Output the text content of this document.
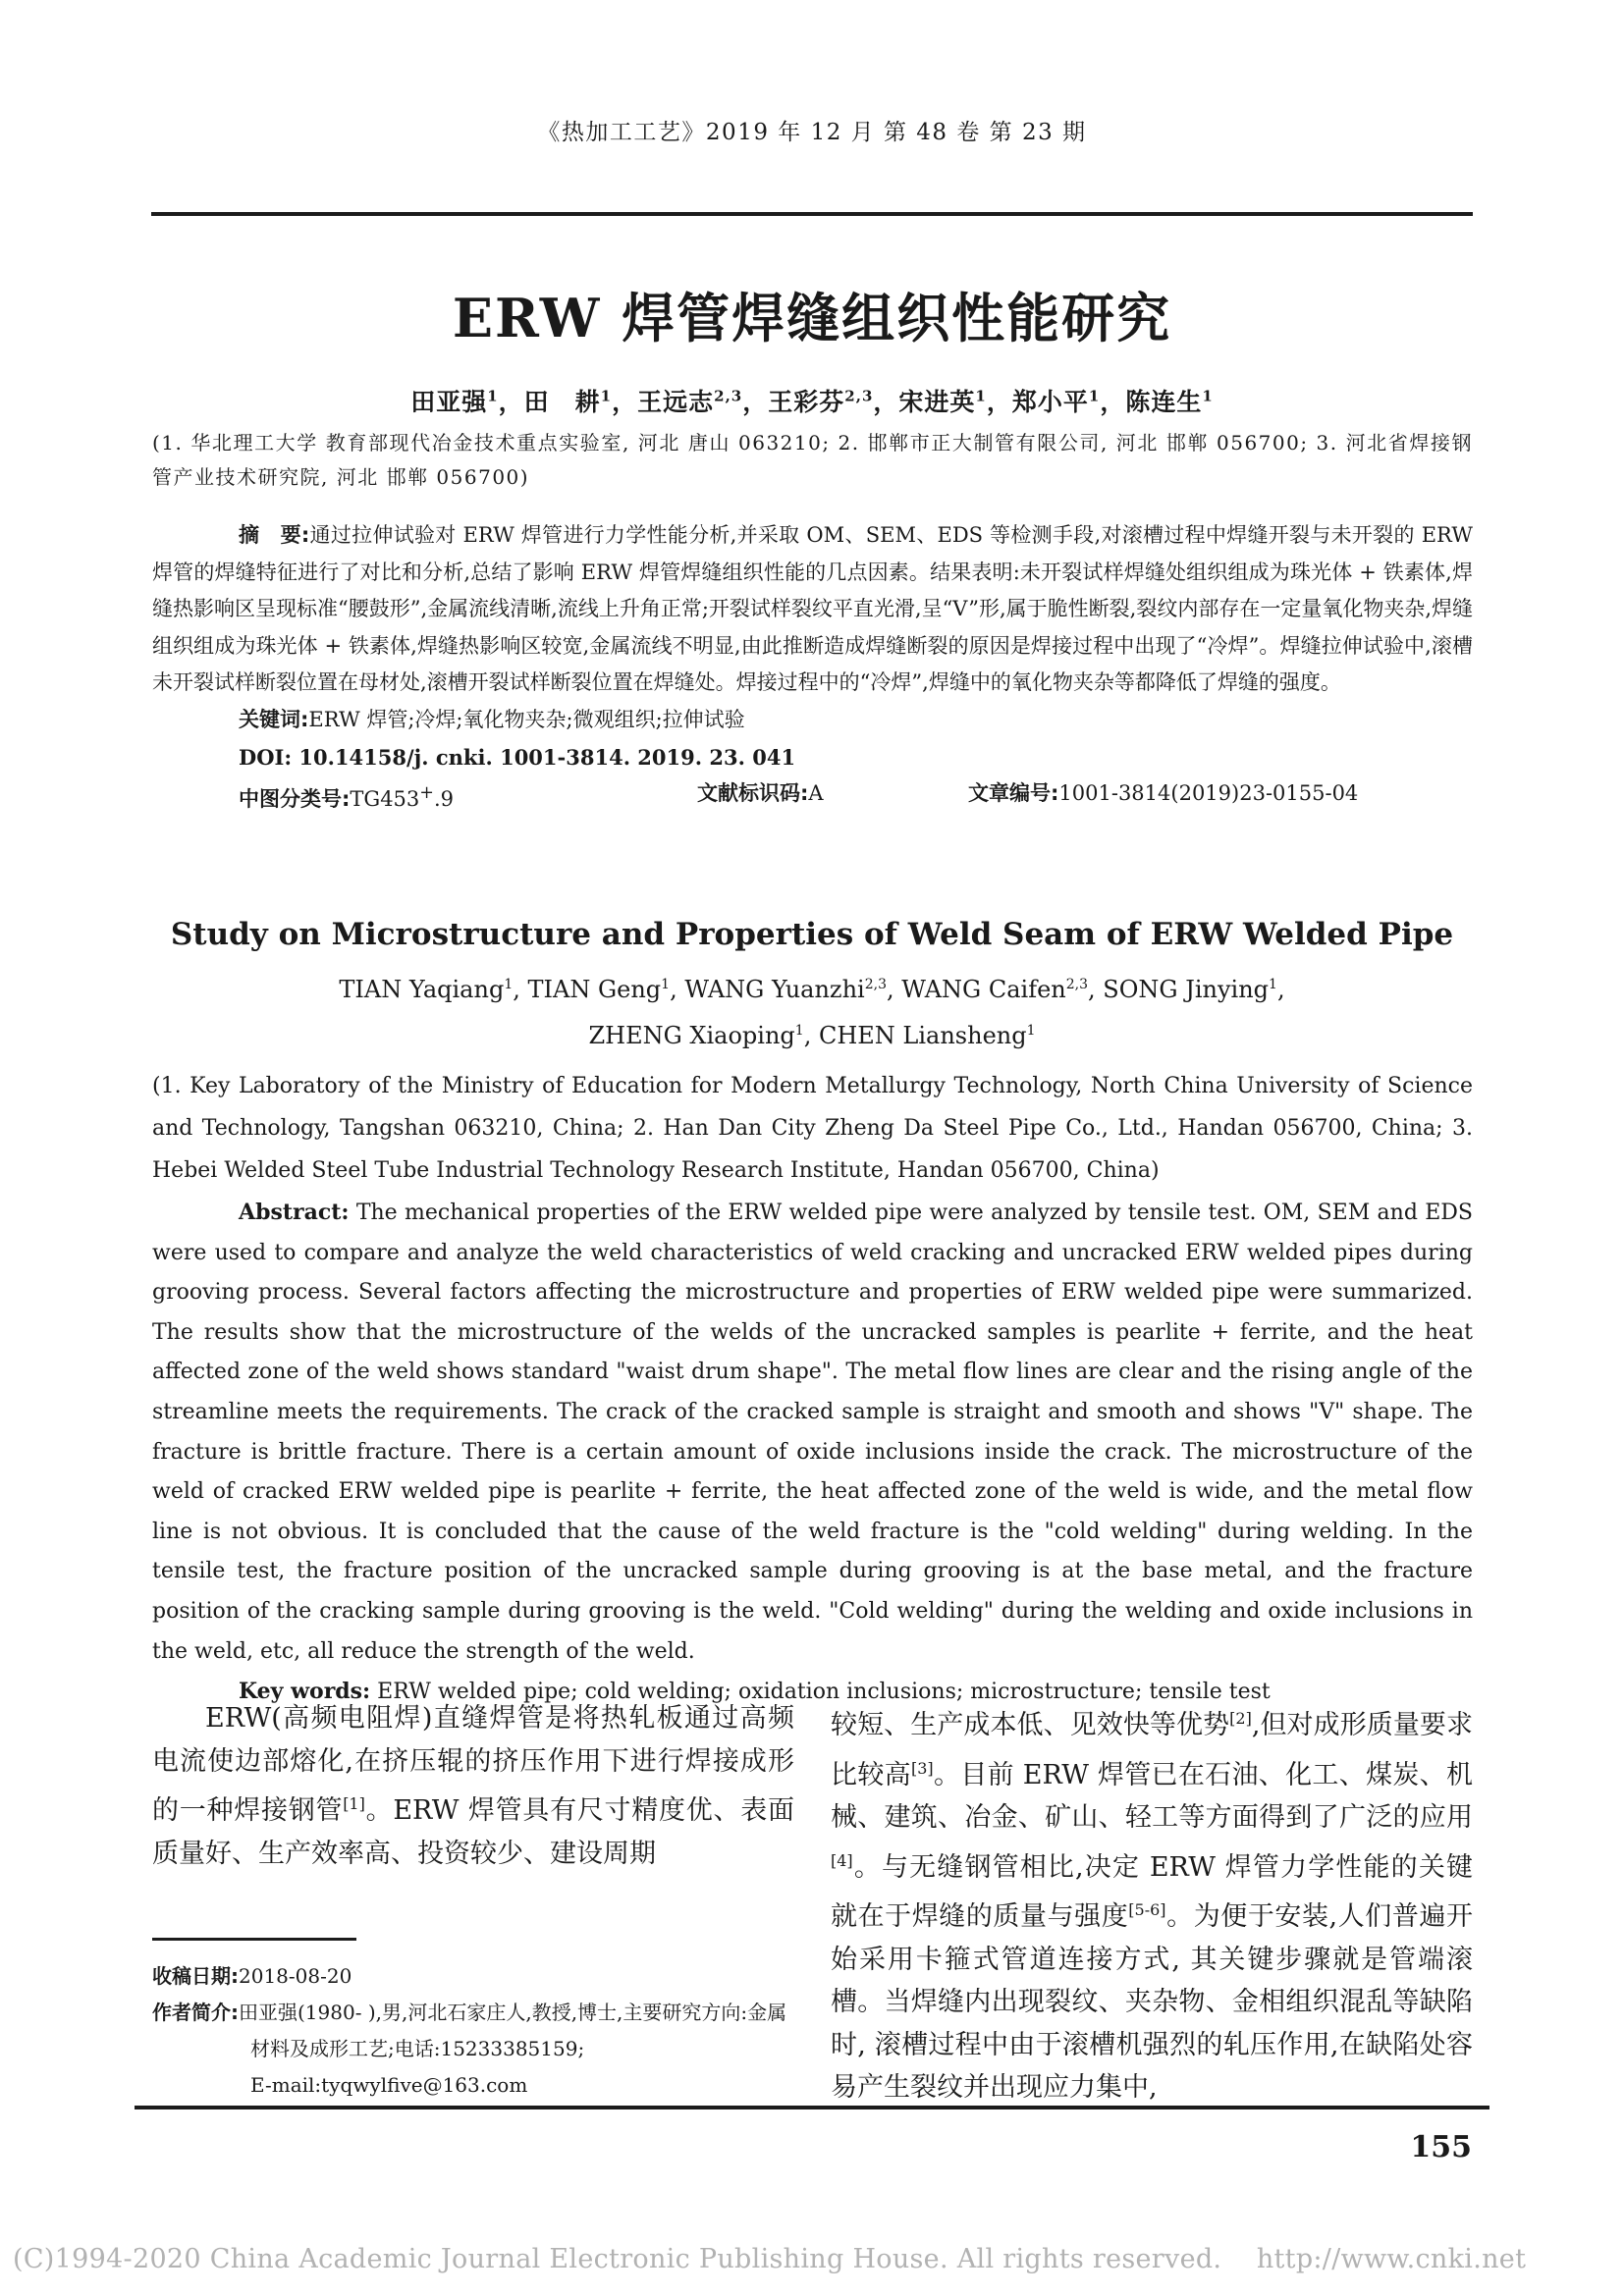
《热加工工艺》2019 年 12 月 第 48 卷 第 23 期
ERW 焊管焊缝组织性能研究
田亚强$^1$，田　耕$^1$，王远志$^{2,3}$，王彩芬$^{2,3}$，宋进英$^1$，郑小平$^1$，陈连生$^1$
(1. 华北理工大学 教育部现代冶金技术重点实验室, 河北 唐山 063210; 2. 邯郸市正大制管有限公司, 河北 邯郸 056700; 3. 河北省焊接钢管产业技术研究院, 河北 邯郸 056700)

摘　要:通过拉伸试验对 ERW 焊管进行力学性能分析,并采取 OM、SEM、EDS 等检测手段,对滚槽过程中焊缝开裂与未开裂的 ERW 焊管的焊缝特征进行了对比和分析,总结了影响 ERW 焊管焊缝组织性能的几点因素。结果表明:未开裂试样焊缝处组织组成为珠光体 + 铁素体,焊缝热影响区呈现标准“腰鼓形”,金属流线清晰,流线上升角正常;开裂试样裂纹平直光滑,呈“V”形,属于脆性断裂,裂纹内部存在一定量氧化物夹杂,焊缝组织组成为珠光体 + 铁素体,焊缝热影响区较宽,金属流线不明显,由此推断造成焊缝断裂的原因是焊接过程中出现了“冷焊”。焊缝拉伸试验中,滚槽未开裂试样断裂位置在母材处,滚槽开裂试样断裂位置在焊缝处。焊接过程中的“冷焊”,焊缝中的氧化物夹杂等都降低了焊缝的强度。

关键词:ERW 焊管;冷焊;氧化物夹杂;微观组织;拉伸试验

DOI: 10.14158/j. cnki. 1001-3814. 2019. 23. 041

中图分类号:TG453+.9	文献标识码:A	文章编号:1001-3814(2019)23-0155-04
Study on Microstructure and Properties of Weld Seam of ERW Welded Pipe
TIAN Yaqiang$^1$, TIAN Geng$^1$, WANG Yuanzhi$^{2,3}$, WANG Caifen$^{2,3}$, SONG Jinying$^1$,
ZHENG Xiaoping$^1$, CHEN Liansheng$^1$
(1. Key Laboratory of the Ministry of Education for Modern Metallurgy Technology, North China University of Science and Technology, Tangshan 063210, China; 2. Han Dan City Zheng Da Steel Pipe Co., Ltd., Handan 056700, China; 3. Hebei Welded Steel Tube Industrial Technology Research Institute, Handan 056700, China)

Abstract: The mechanical properties of the ERW welded pipe were analyzed by tensile test. OM, SEM and EDS were used to compare and analyze the weld characteristics of weld cracking and uncracked ERW welded pipes during grooving process. Several factors affecting the microstructure and properties of ERW welded pipe were summarized. The results show that the microstructure of the welds of the uncracked samples is pearlite + ferrite, and the heat affected zone of the weld shows standard "waist drum shape". The metal flow lines are clear and the rising angle of the streamline meets the requirements. The crack of the cracked sample is straight and smooth and shows "V" shape. The fracture is brittle fracture. There is a certain amount of oxide inclusions inside the crack. The microstructure of the weld of cracked ERW welded pipe is pearlite + ferrite, the heat affected zone of the weld is wide, and the metal flow line is not obvious. It is concluded that the cause of the weld fracture is the "cold welding" during welding. In the tensile test, the fracture position of the uncracked sample during grooving is at the base metal, and the fracture position of the cracking sample during grooving is the weld. "Cold welding" during the welding and oxide inclusions in the weld, etc, all reduce the strength of the weld.

Key words: ERW welded pipe; cold welding; oxidation inclusions; microstructure; tensile test

ERW(高频电阻焊)直缝焊管是将热轧板通过高频电流使边部熔化,在挤压辊的挤压作用下进行焊接成形的一种焊接钢管[1]。ERW 焊管具有尺寸精度优、表面质量好、生产效率高、投资较少、建设周期

收稿日期:2018-08-20

作者简介:田亚强(1980- ),男,河北石家庄人,教授,博士,主要研究方向:金属材料及成形工艺;电话:15233385159;

E-mail:tyqwylfive@163.com

较短、生产成本低、见效快等优势[2],但对成形质量要求比较高[3]。目前 ERW 焊管已在石油、化工、煤炭、机械、建筑、冶金、矿山、轻工等方面得到了广泛的应用[4]。与无缝钢管相比,决定 ERW 焊管力学性能的关键就在于焊缝的质量与强度[5-6]。为便于安装,人们普遍开始采用卡箍式管道连接方式, 其关键步骤就是管端滚槽。当焊缝内出现裂纹、夹杂物、金相组织混乱等缺陷时, 滚槽过程中由于滚槽机强烈的轧压作用,在缺陷处容易产生裂纹并出现应力集中,

155
(C)1994-2020 China Academic Journal Electronic Publishing House. All rights reserved.    http://www.cnki.net
